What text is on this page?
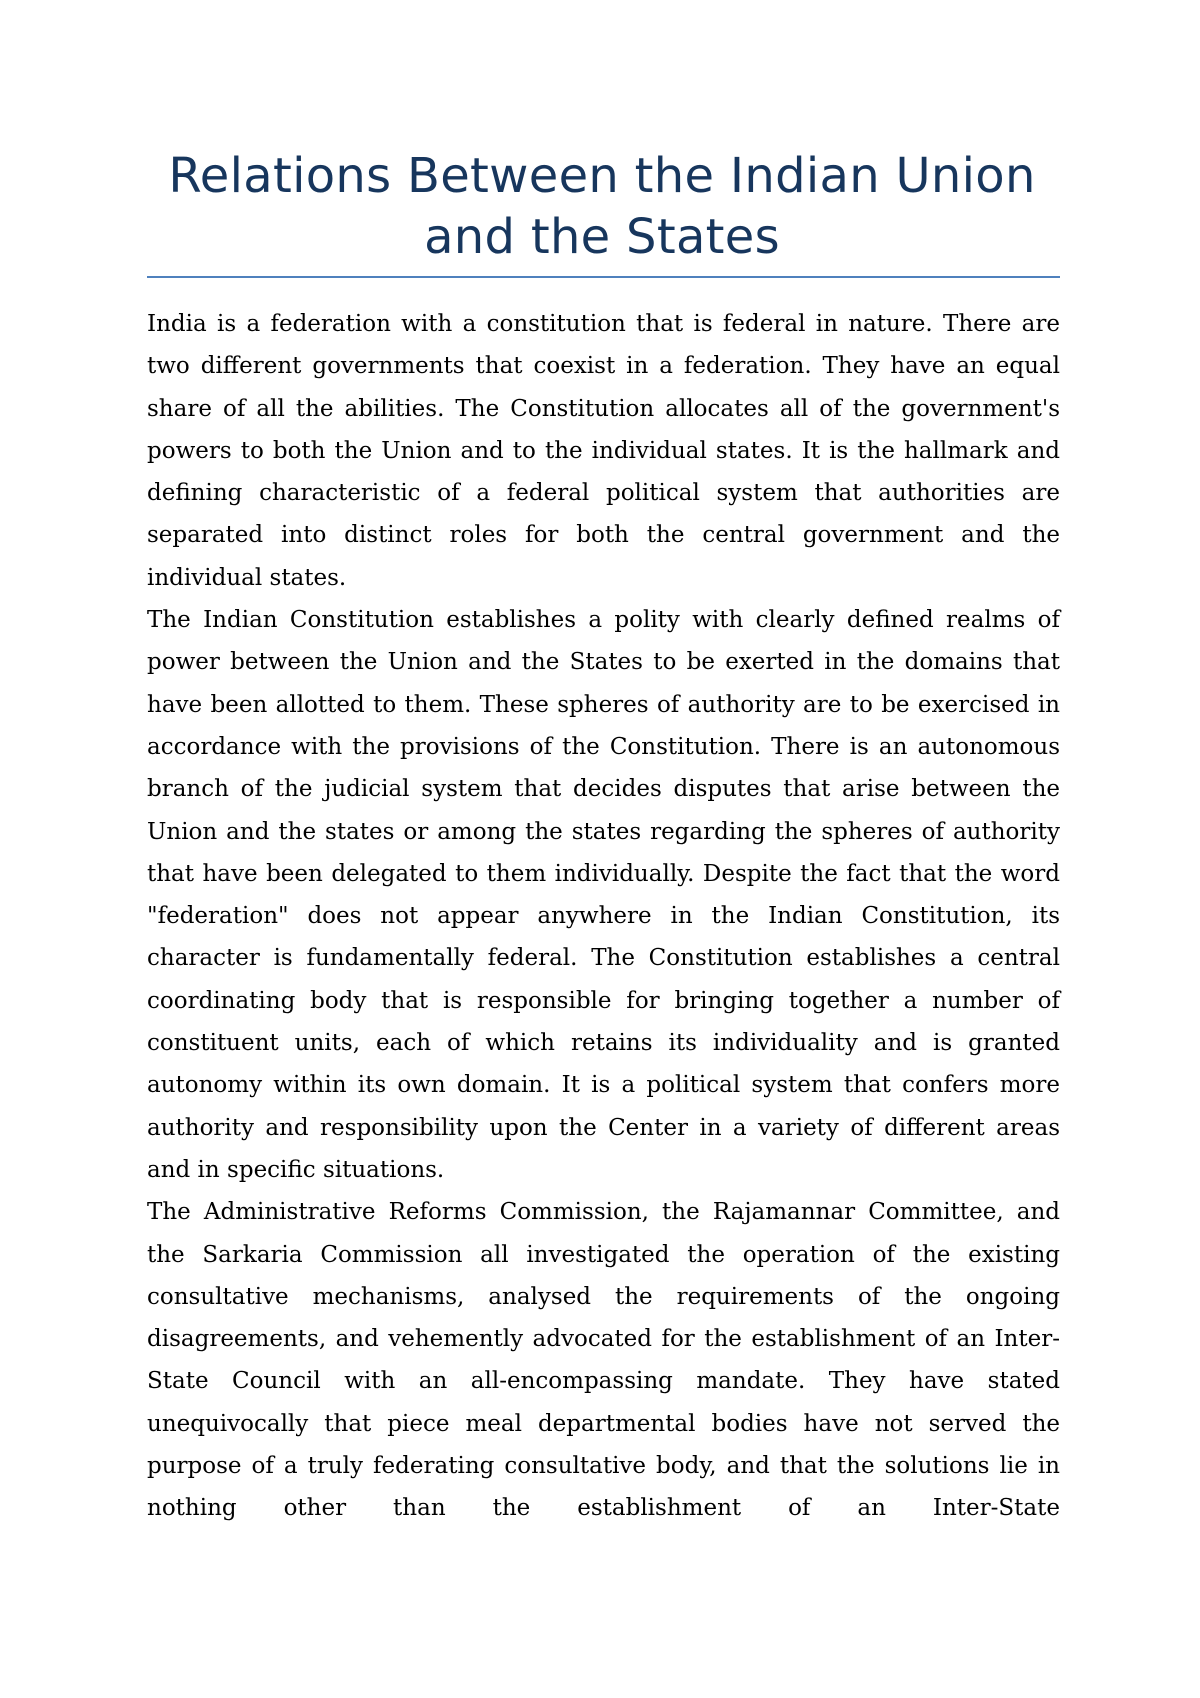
Relations Between the Indian Union and the States

India is a federation with a constitution that is federal in nature. There are two different governments that coexist in a federation. They have an equal share of all the abilities. The Constitution allocates all of the government's powers to both the Union and to the individual states. It is the hallmark and defining characteristic of a federal political system that authorities are separated into distinct roles for both the central government and the individual states.

The Indian Constitution establishes a polity with clearly defined realms of power between the Union and the States to be exerted in the domains that have been allotted to them. These spheres of authority are to be exercised in accordance with the provisions of the Constitution. There is an autonomous branch of the judicial system that decides disputes that arise between the Union and the states or among the states regarding the spheres of authority that have been delegated to them individually. Despite the fact that the word "federation" does not appear anywhere in the Indian Constitution, its character is fundamentally federal. The Constitution establishes a central coordinating body that is responsible for bringing together a number of constituent units, each of which retains its individuality and is granted autonomy within its own domain. It is a political system that confers more authority and responsibility upon the Center in a variety of different areas and in specific situations.

The Administrative Reforms Commission, the Rajamannar Committee, and the Sarkaria Commission all investigated the operation of the existing consultative mechanisms, analysed the requirements of the ongoing disagreements, and vehemently advocated for the establishment of an Inter-State Council with an all-encompassing mandate. They have stated unequivocally that piece meal departmental bodies have not served the purpose of a truly federating consultative body, and that the solutions lie in nothing other than the establishment of an Inter-State
